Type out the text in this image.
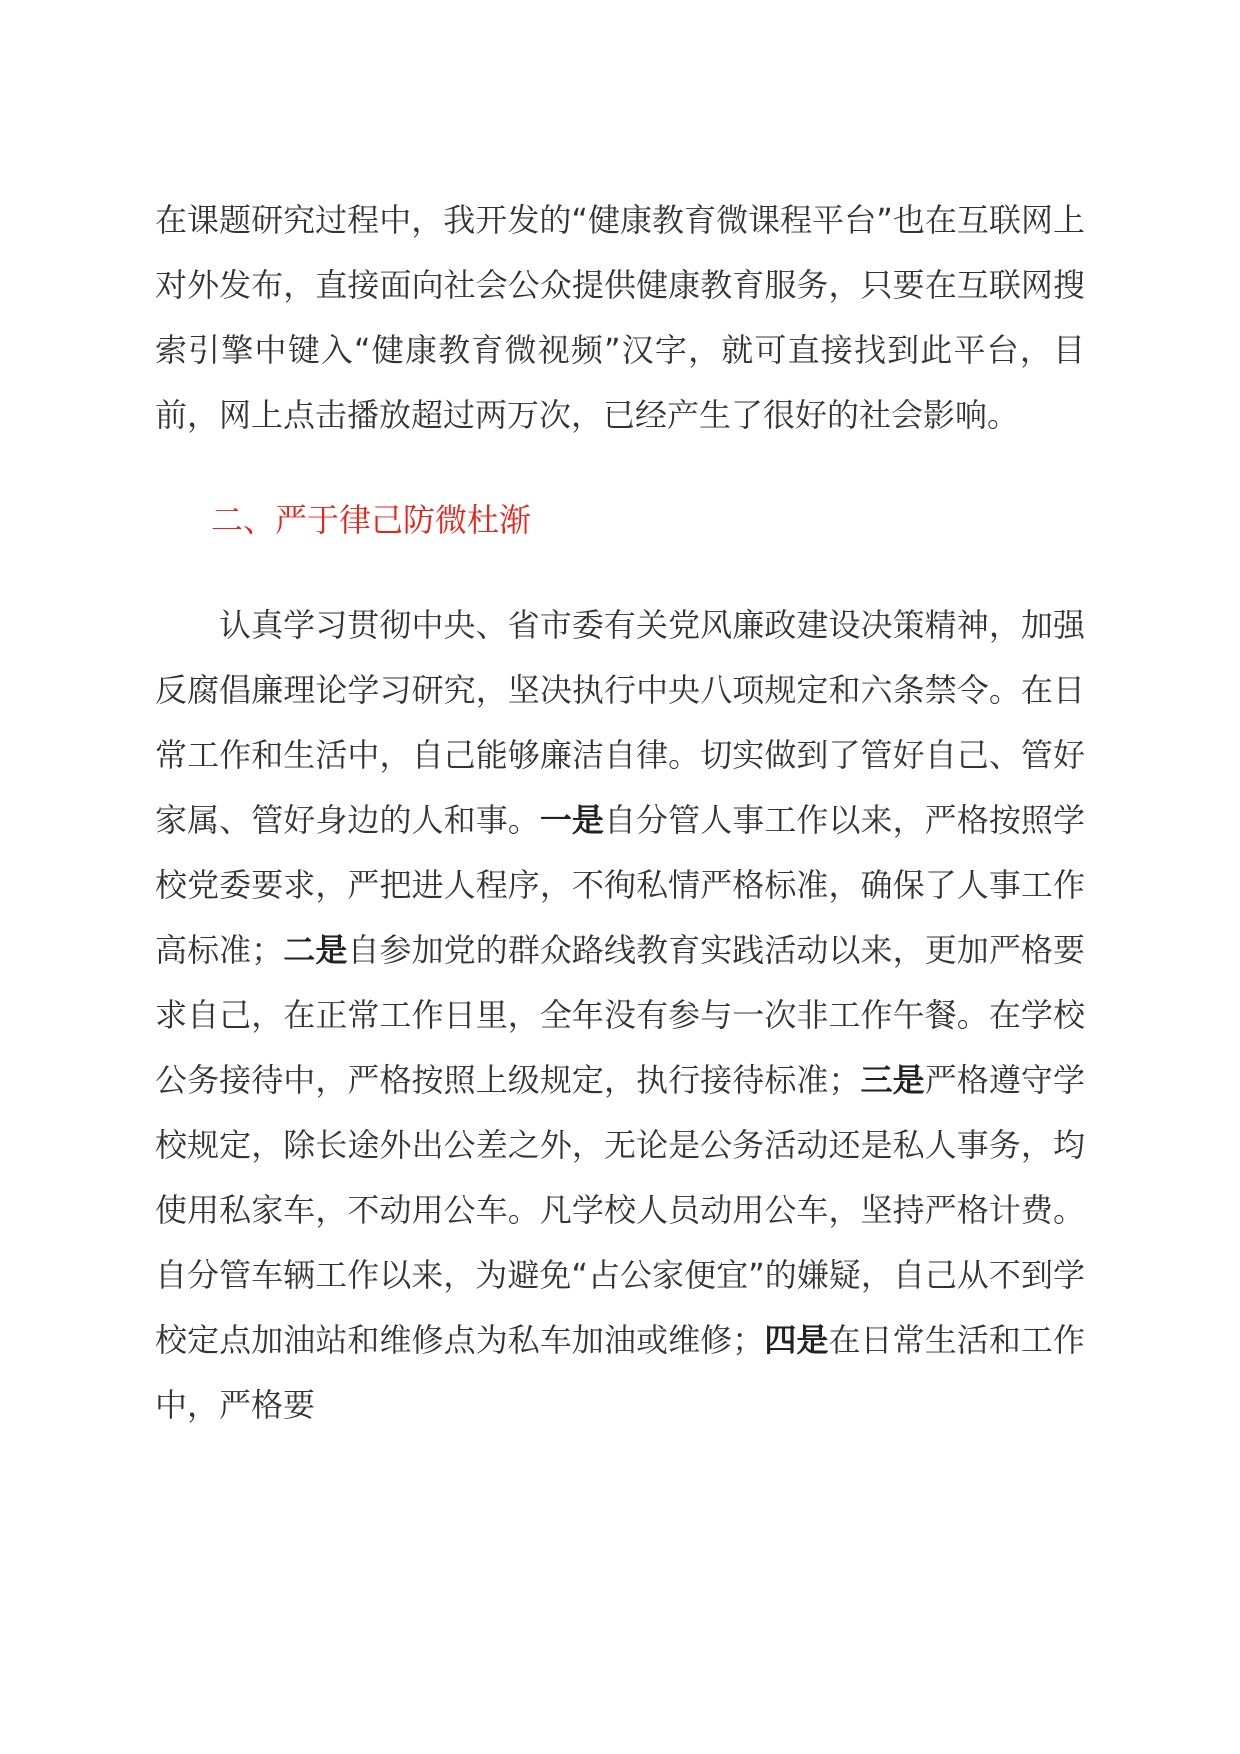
在课题研究过程中，我开发的“健康教育微课程平台”也在互联网上对外发布，直接面向社会公众提供健康教育服务，只要在互联网搜索引擎中键入“健康教育微视频”汉字，就可直接找到此平台，目前，网上点击播放超过两万次，已经产生了很好的社会影响。

二、严于律己防微杜渐

认真学习贯彻中央、省市委有关党风廉政建设决策精神，加强反腐倡廉理论学习研究，坚决执行中央八项规定和六条禁令。在日常工作和生活中，自己能够廉洁自律。切实做到了管好自己、管好家属、管好身边的人和事。一是自分管人事工作以来，严格按照学校党委要求，严把进人程序，不徇私情严格标准，确保了人事工作高标准；二是自参加党的群众路线教育实践活动以来，更加严格要求自己，在正常工作日里，全年没有参与一次非工作午餐。在学校公务接待中，严格按照上级规定，执行接待标准；三是严格遵守学校规定，除长途外出公差之外，无论是公务活动还是私人事务，均使用私家车，不动用公车。凡学校人员动用公车，坚持严格计费。自分管车辆工作以来，为避免“占公家便宜”的嫌疑，自己从不到学校定点加油站和维修点为私车加油或维修；四是在日常生活和工作中，严格要
